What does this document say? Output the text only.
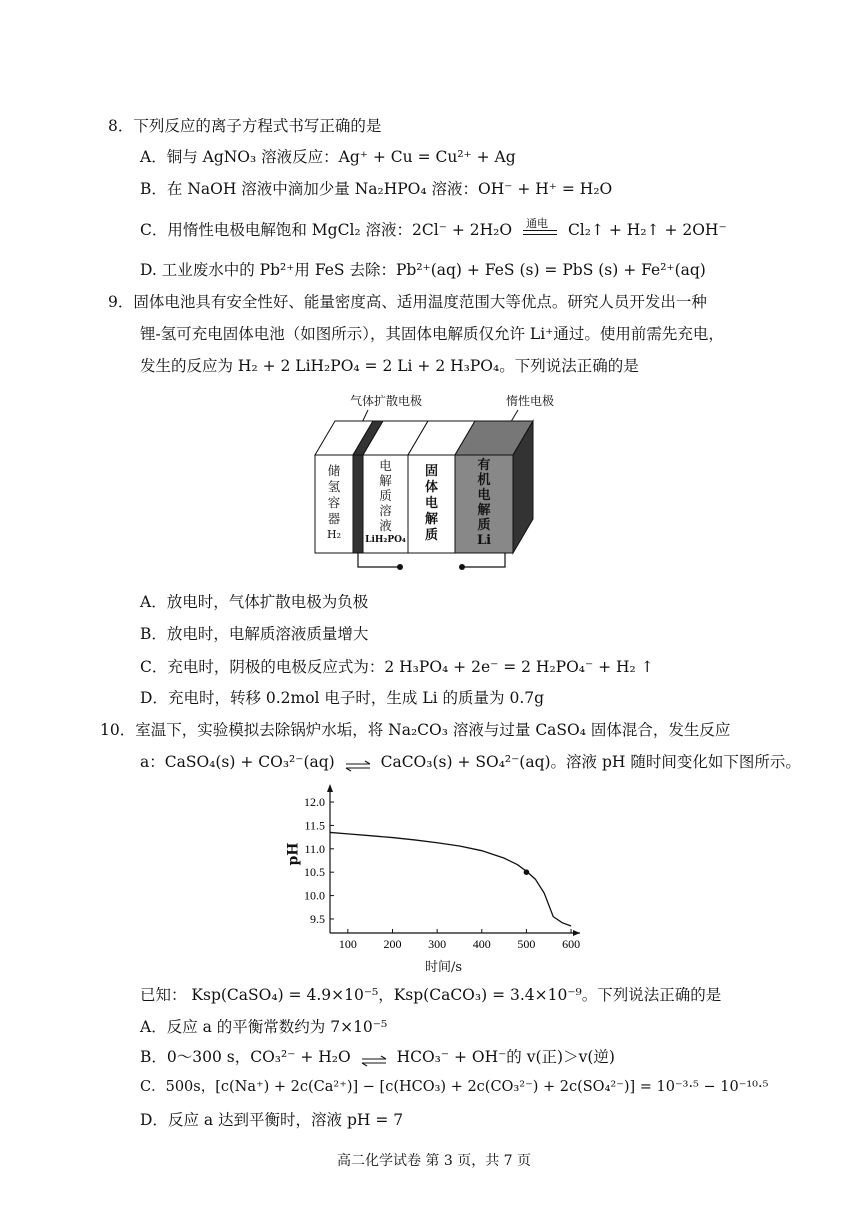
8．下列反应的离子方程式书写正确的是
A．铜与 AgNO₃ 溶液反应：Ag⁺ + Cu = Cu²⁺ + Ag
B．在 NaOH 溶液中滴加少量 Na₂HPO₄ 溶液：OH⁻ + H⁺ = H₂O
C．用惰性电极电解饱和 MgCl₂ 溶液：2Cl⁻ + 2H₂O 通电 Cl₂↑ + H₂↑ + 2OH⁻
D. 工业废水中的 Pb²⁺用 FeS 去除：Pb²⁺(aq) + FeS (s) = PbS (s) + Fe²⁺(aq)
9．固体电池具有安全性好、能量密度高、适用温度范围大等优点。研究人员开发出一种
锂-氢可充电固体电池（如图所示），其固体电解质仅允许 Li⁺通过。使用前需先充电，
发生的反应为 H₂ + 2 LiH₂PO₄ = 2 Li + 2 H₃PO₄。下列说法正确的是
气体扩散电极	惰性电极
储
氢
容
器
H₂
电
解
质
溶
液
LiH₂PO₄
固
体
电
解
质
有
机
电
解
质
Li
A．放电时，气体扩散电极为负极
B．放电时，电解质溶液质量增大
C．充电时，阴极的电极反应式为：2 H₃PO₄ + 2e⁻ = 2 H₂PO₄⁻ + H₂ ↑
D．充电时，转移 0.2mol 电子时，生成 Li 的质量为 0.7g
10．室温下，实验模拟去除锅炉水垢，将 Na₂CO₃ 溶液与过量 CaSO₄ 固体混合，发生反应
a：CaSO₄(s) + CO₃²⁻(aq) ⇌ CaCO₃(s) + SO₄²⁻(aq)。溶液 pH 随时间变化如下图所示。
100 200 300 400 500 600
9.5
10.0
10.5
11.0
11.5
12.0
pH
时间/s
已知： Ksp(CaSO₄) = 4.9×10⁻⁵，Ksp(CaCO₃) = 3.4×10⁻⁹。下列说法正确的是
A．反应 a 的平衡常数约为 7×10⁻⁵
B．0～300 s，CO₃²⁻ + H₂O ⇌ HCO₃⁻ + OH⁻的 v(正)＞v(逆)
C．500s，[c(Na⁺) + 2c(Ca²⁺)] − [c(HCO₃) + 2c(CO₃²⁻) + 2c(SO₄²⁻)] = 10⁻³·⁵ − 10⁻¹⁰·⁵
D．反应 a 达到平衡时，溶液 pH = 7
高二化学试卷 第 3 页，共 7 页
